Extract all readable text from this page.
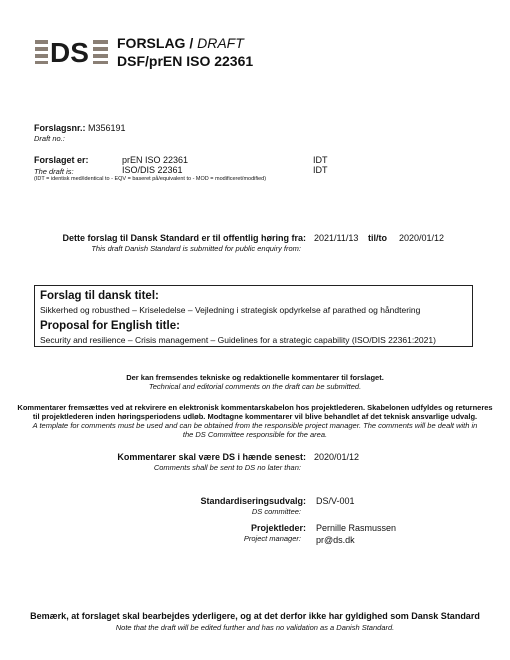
DS FORSLAG / DRAFT
DSF/prEN ISO 22361
Forslagsnr.: M356191
Draft no.:
Forslaget er:	prEN ISO 22361	IDT
The draft is:	ISO/DIS 22361	IDT
(IDT = identisk med/identical to - EQV = baseret på/equivalent to - MOD = modificeret/modified)
Dette forslag til Dansk Standard er til offentlig høring fra:
This draft Danish Standard is submitted for public enquiry from:
2021/11/13 til/to 2020/01/12
Forslag til dansk titel:
Sikkerhed og robusthed – Kriseledelse – Vejledning i strategisk opdyrkelse af parathed og håndtering
Proposal for English title:
Security and resilience – Crisis management – Guidelines for a strategic capability (ISO/DIS 22361:2021)
Der kan fremsendes tekniske og redaktionelle kommentarer til forslaget.
Technical and editorial comments on the draft can be submitted.
Kommentarer fremsættes ved at rekvirere en elektronisk kommentarskabelon hos projektlederen. Skabelonen udfyldes og returneres
til projektlederen inden høringsperiodens udløb. Modtagne kommentarer vil blive behandlet af det teknisk ansvarlige udvalg.
A template for comments must be used and can be obtained from the responsible project manager. The comments will be dealt with in
the DS Committee responsible for the area.
Kommentarer skal være DS i hænde senest:
Comments shall be sent to DS no later than:
2020/01/12
Standardiseringsudvalg:
DS committee:
DS/V-001
Projektleder:
Project manager:
Pernille Rasmussen
pr@ds.dk
Bemærk, at forslaget skal bearbejdes yderligere, og at det derfor ikke har gyldighed som Dansk Standard
Note that the draft will be edited further and has no validation as a Danish Standard.
